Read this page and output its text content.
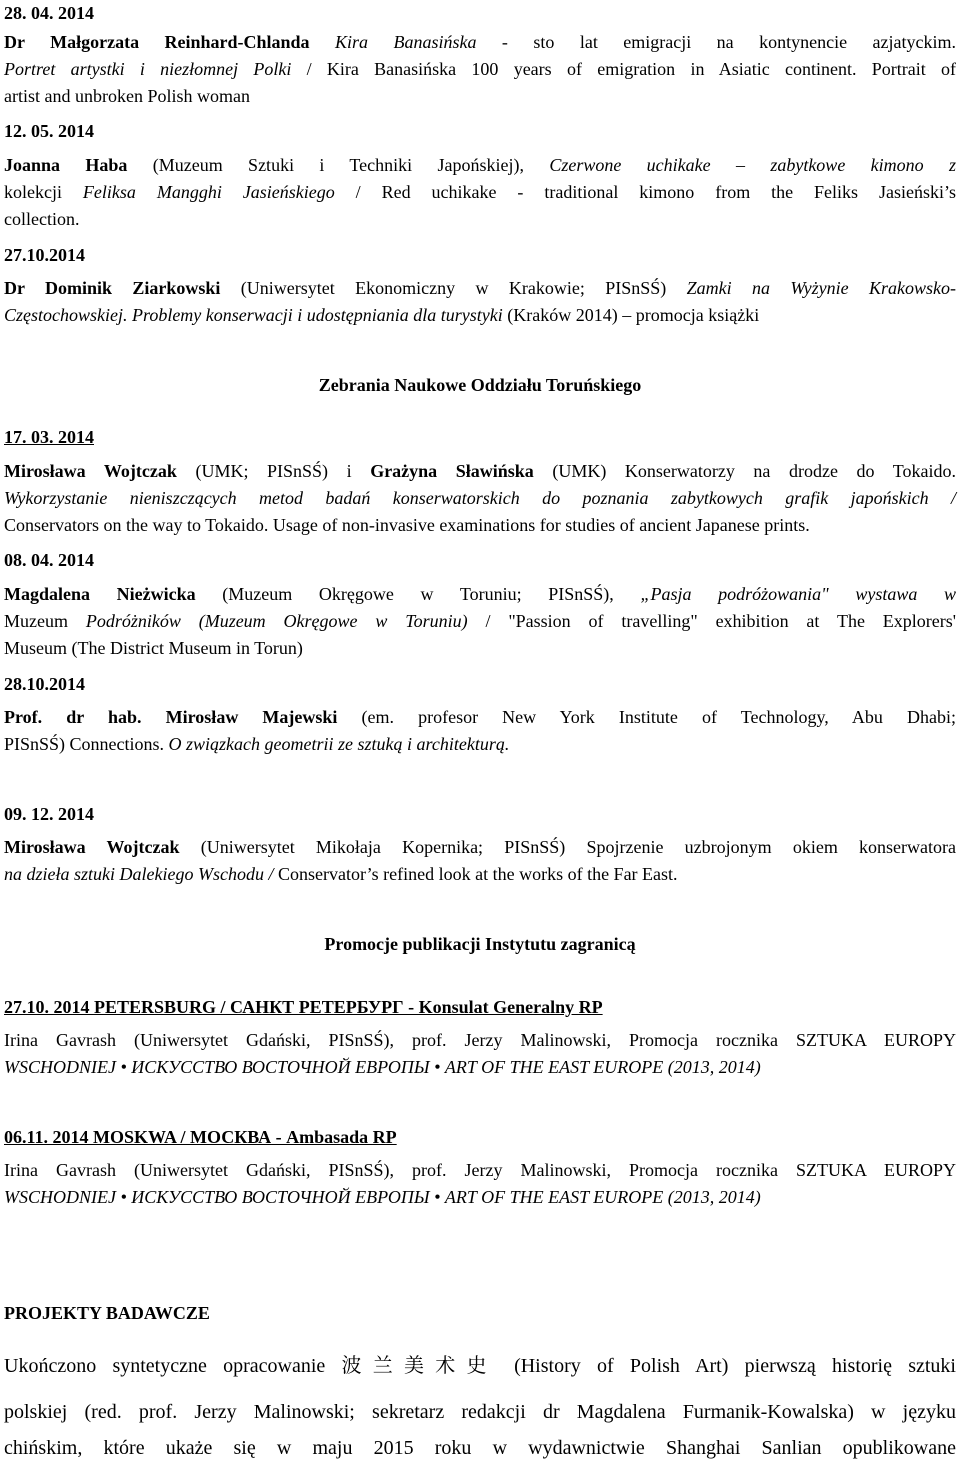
28. 04. 2014
Dr Małgorzata Reinhard-Chlanda Kira Banasińska - sto lat emigracji na kontynencie azjatyckim.
Portret artystki i niezłomnej Polki / Kira Banasińska 100 years of emigration in Asiatic continent. Portrait of
artist and unbroken Polish woman
12. 05. 2014
Joanna Haba (Muzeum Sztuki i Techniki Japońskiej), Czerwone uchikake – zabytkowe kimono z
kolekcji Feliksa Mangghi Jasieńskiego / Red uchikake - traditional kimono from the Feliks Jasieński’s
collection.
27.10.2014
Dr Dominik Ziarkowski (Uniwersytet Ekonomiczny w Krakowie; PISnSŚ) Zamki na Wyżynie Krakowsko-
Częstochowskiej. Problemy konserwacji i udostępniania dla turystyki (Kraków 2014) – promocja książki
Zebrania Naukowe Oddziału Toruńskiego
17. 03. 2014
Mirosława Wojtczak (UMK; PISnSŚ) i Grażyna Sławińska (UMK) Konserwatorzy na drodze do Tokaido.
Wykorzystanie nieniszczących metod badań konserwatorskich do poznania zabytkowych grafik japońskich /
Conservators on the way to Tokaido. Usage of non-invasive examinations for studies of ancient Japanese prints.
08. 04. 2014
Magdalena Nieżwicka (Muzeum Okręgowe w Toruniu; PISnSŚ), „Pasja podróżowania" wystawa w
Muzeum Podróżników (Muzeum Okręgowe w Toruniu) / "Passion of travelling" exhibition at The Explorers'
Museum (The District Museum in Torun)
28.10.2014
Prof. dr hab. Mirosław Majewski (em. profesor New York Institute of Technology, Abu Dhabi;
PISnSŚ) Connections. O związkach geometrii ze sztuką i architekturą.
09. 12. 2014
Mirosława Wojtczak (Uniwersytet Mikołaja Kopernika; PISnSŚ) Spojrzenie uzbrojonym okiem konserwatora
na dzieła sztuki Dalekiego Wschodu / Conservator’s refined look at the works of the Far East.
Promocje publikacji Instytutu zagranicą
27.10. 2014 PETERSBURG / САНКТ РЕТЕРБУРГ - Konsulat Generalny RP
Irina Gavrash (Uniwersytet Gdański, PISnSŚ), prof. Jerzy Malinowski, Promocja rocznika SZTUKA EUROPY
WSCHODNIEJ • ИСКУССТВО ВОСТОЧНОЙ ЕВРОПЫ • ART OF THE EAST EUROPE (2013, 2014)
06.11. 2014 MOSKWA / МОСКВА - Ambasada RP
Irina Gavrash (Uniwersytet Gdański, PISnSŚ), prof. Jerzy Malinowski, Promocja rocznika SZTUKA EUROPY
WSCHODNIEJ • ИСКУССТВО ВОСТОЧНОЙ ЕВРОПЫ • ART OF THE EAST EUROPE (2013, 2014)
PROJEKTY BADAWCZE
Ukończono syntetyczne opracowanie 波兰美术史 (History of Polish Art) pierwszą historię sztuki
polskiej (red. prof. Jerzy Malinowski; sekretarz redakcji dr Magdalena Furmanik-Kowalska) w języku
chińskim, które ukaże się w maju 2015 roku w wydawnictwie Shanghai Sanlian opublikowane
